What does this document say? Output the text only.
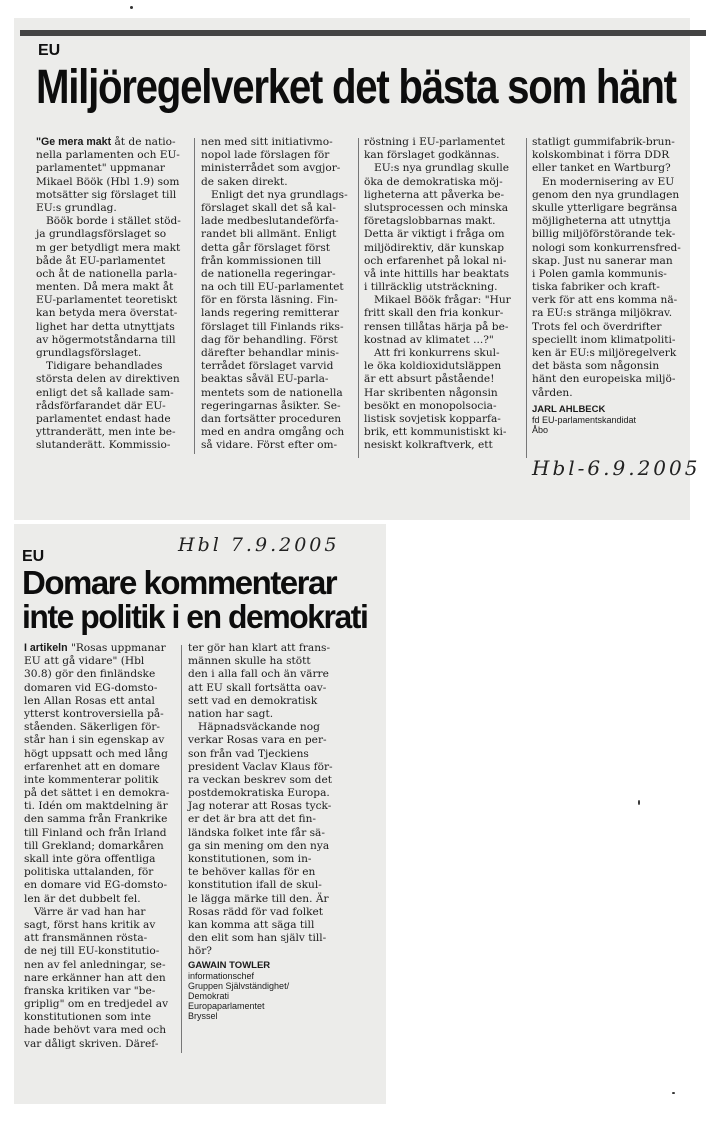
EU
Miljöregelverket det bästa som hänt
"Ge mera makt åt de natio-
nella parlamenten och EU-
parlamentet" uppmanar
Mikael Böök (Hbl 1.9) som
motsätter sig förslaget till
EU:s grundlag.
Böök borde i stället stöd-
ja grundlagsförslaget so
m ger betydligt mera makt
både åt EU-parlamentet
och åt de nationella parla-
menten. Då mera makt åt
EU-parlamentet teoretiskt
kan betyda mera överstat-
lighet har detta utnyttjats
av högermotståndarna till
grundlagsförslaget.
Tidigare behandlades
största delen av direktiven
enligt det så kallade sam-
rådsförfarandet där EU-
parlamentet endast hade
yttranderätt, men inte be-
slutanderätt. Kommissio-
nen med sitt initiativmo-
nopol lade förslagen för
ministerrådet som avgjor-
de saken direkt.
Enligt det nya grundlags-
förslaget skall det så kal-
lade medbeslutandeförfa-
randet bli allmänt. Enligt
detta går förslaget först
från kommissionen till
de nationella regeringar-
na och till EU-parlamentet
för en första läsning. Fin-
lands regering remitterar
förslaget till Finlands riks-
dag för behandling. Först
därefter behandlar minis-
terrådet förslaget varvid
beaktas såväl EU-parla-
mentets som de nationella
regeringarnas åsikter. Se-
dan fortsätter proceduren
med en andra omgång och
så vidare. Först efter om-
röstning i EU-parlamentet
kan förslaget godkännas.
EU:s nya grundlag skulle
öka de demokratiska möj-
ligheterna att påverka be-
slutsprocessen och minska
företagslobbarnas makt.
Detta är viktigt i fråga om
miljödirektiv, där kunskap
och erfarenhet på lokal ni-
vå inte hittills har beaktats
i tillräcklig utsträckning.
Mikael Böök frågar: "Hur
fritt skall den fria konkur-
rensen tillåtas härja på be-
kostnad av klimatet ...?"
Att fri konkurrens skul-
le öka koldioxidutsläppen
är ett absurt påstående!
Har skribenten någonsin
besökt en monopolsocia-
listisk sovjetisk kopparfa-
brik, ett kommunistiskt ki-
nesiskt kolkraftverk, ett
statligt gummifabrik-brun-
kolskombinat i förra DDR
eller tanket en Wartburg?
En modernisering av EU
genom den nya grundlagen
skulle ytterligare begränsa
möjligheterna att utnyttja
billig miljöförstörande tek-
nologi som konkurrensfred-
skap. Just nu sanerar man
i Polen gamla kommunis-
tiska fabriker och kraft-
verk för att ens komma nä-
ra EU:s stränga miljökrav.
Trots fel och överdrifter
speciellt inom klimatpoliti-
ken är EU:s miljöregelverk
det bästa som någonsin
hänt den europeiska miljö-
vården.
JARL AHLBECK
fd EU-parlamentskandidat
Åbo
Hbl-6.9.2005
EU
Hbl 7.9.2005
Domare kommenterar
inte politik i en demokrati
I artikeln "Rosas uppmanar
EU att gå vidare" (Hbl
30.8) gör den finländske
domaren vid EG-domsto-
len Allan Rosas ett antal
ytterst kontroversiella på-
ståenden. Säkerligen för-
står han i sin egenskap av
högt uppsatt och med lång
erfarenhet att en domare
inte kommenterar politik
på det sättet i en demokra-
ti. Idén om maktdelning är
den samma från Frankrike
till Finland och från Irland
till Grekland; domarkåren
skall inte göra offentliga
politiska uttalanden, för
en domare vid EG-domsto-
len är det dubbelt fel.
Värre är vad han har
sagt, först hans kritik av
att fransmännen rösta-
de nej till EU-konstitutio-
nen av fel anledningar, se-
nare erkänner han att den
franska kritiken var "be-
griplig" om en tredjedel av
konstitutionen som inte
hade behövt vara med och
var dåligt skriven. Däref-
ter gör han klart att frans-
männen skulle ha stött
den i alla fall och än värre
att EU skall fortsätta oav-
sett vad en demokratisk
nation har sagt.
Häpnadsväckande nog
verkar Rosas vara en per-
son från vad Tjeckiens
president Vaclav Klaus för-
ra veckan beskrev som det
postdemokratiska Europa.
Jag noterar att Rosas tyck-
er det är bra att det fin-
ländska folket inte får sä-
ga sin mening om den nya
konstitutionen, som in-
te behöver kallas för en
konstitution ifall de skul-
le lägga märke till den. Är
Rosas rädd för vad folket
kan komma att säga till
den elit som han själv till-
hör?
GAWAIN TOWLER
informationschef
Gruppen Självständighet/
Demokrati
Europaparlamentet
Bryssel
